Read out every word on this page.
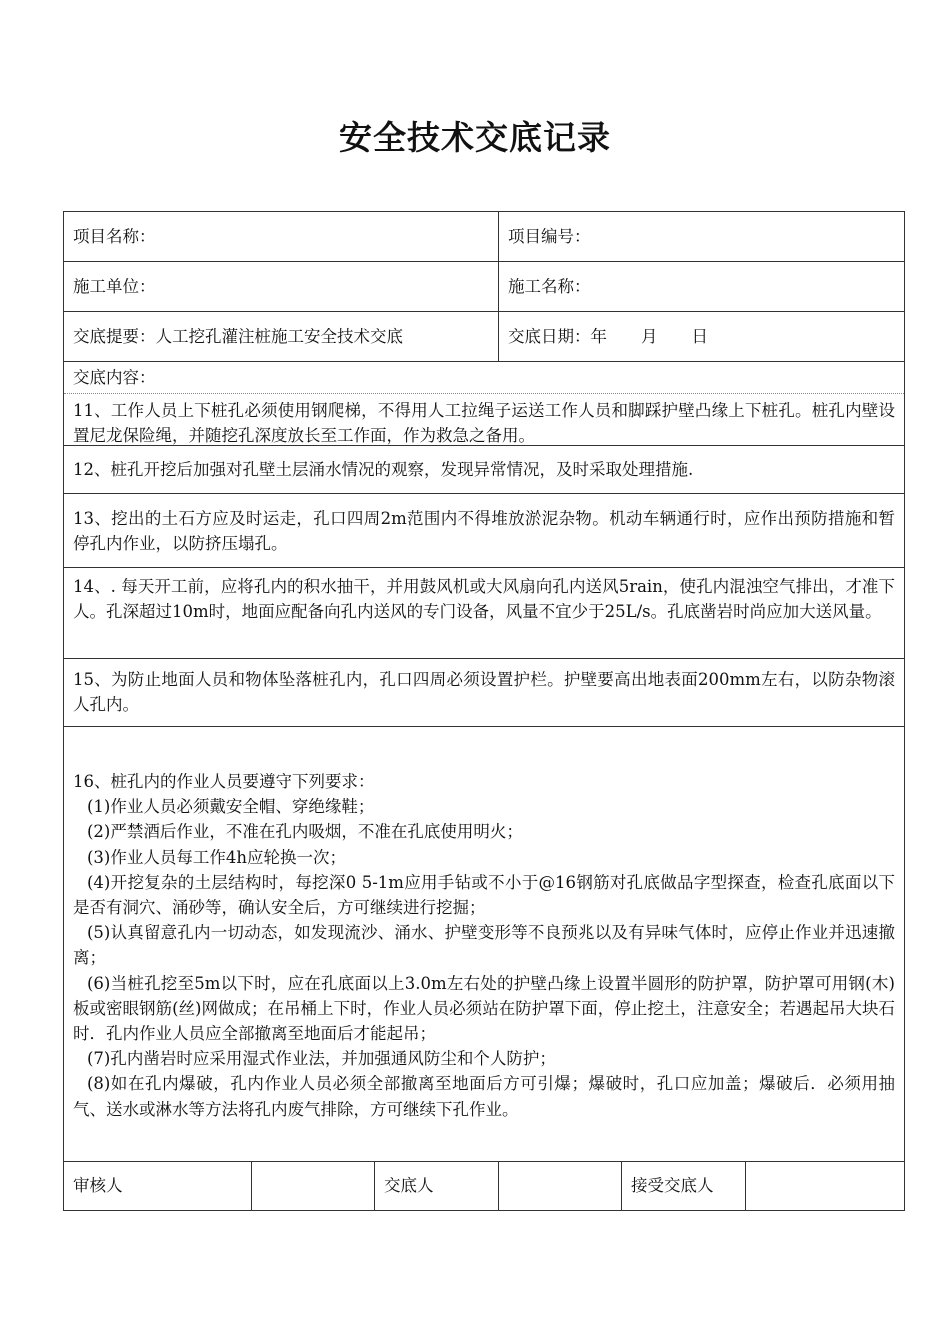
安全技术交底记录
项目名称：	项目编号：
施工单位：	施工名称：
交底提要：人工挖孔灌注桩施工安全技术交底	交底日期： 年 月 日
交底内容：
11、工作人员上下桩孔必须使用钢爬梯，不得用人工拉绳子运送工作人员和脚踩护壁凸缘上下桩孔。桩孔内壁设置尼龙保险绳，并随挖孔深度放长至工作面，作为救急之备用。
12、桩孔开挖后加强对孔壁土层涌水情况的观察，发现异常情况，及时采取处理措施.
13、挖出的土石方应及时运走，孔口四周2m范围内不得堆放淤泥杂物。机动车辆通行时，应作出预防措施和暂停孔内作业，以防挤压塌孔。
14、. 每天开工前，应将孔内的积水抽干，并用鼓风机或大风扇向孔内送风5rain，使孔内混浊空气排出，才准下人。孔深超过10m时，地面应配备向孔内送风的专门设备，风量不宜少于25L/s。孔底凿岩时尚应加大送风量。
15、为防止地面人员和物体坠落桩孔内，孔口四周必须设置护栏。护壁要高出地表面200mm左右，以防杂物滚人孔内。
16、桩孔内的作业人员要遵守下列要求：
(1)作业人员必须戴安全帽、穿绝缘鞋；
(2)严禁酒后作业，不准在孔内吸烟，不准在孔底使用明火；
(3)作业人员每工作4h应轮换一次；
(4)开挖复杂的土层结构时，每挖深0 5-1m应用手钻或不小于@16钢筋对孔底做品字型探查，检查孔底面以下是否有洞穴、涌砂等，确认安全后，方可继续进行挖掘；
(5)认真留意孔内一切动态，如发现流沙、涌水、护壁变形等不良预兆以及有异味气体时，应停止作业并迅速撤离；
(6)当桩孔挖至5m以下时，应在孔底面以上3.0m左右处的护壁凸缘上设置半圆形的防护罩，防护罩可用钢(木)板或密眼钢筋(丝)网做成；在吊桶上下时，作业人员必须站在防护罩下面，停止挖土，注意安全；若遇起吊大块石时．孔内作业人员应全部撤离至地面后才能起吊；
(7)孔内凿岩时应采用湿式作业法，并加强通风防尘和个人防护；
(8)如在孔内爆破，孔内作业人员必须全部撤离至地面后方可引爆；爆破时，孔口应加盖；爆破后．必须用抽气、送水或淋水等方法将孔内废气排除，方可继续下孔作业。
审核人	交底人	接受交底人
